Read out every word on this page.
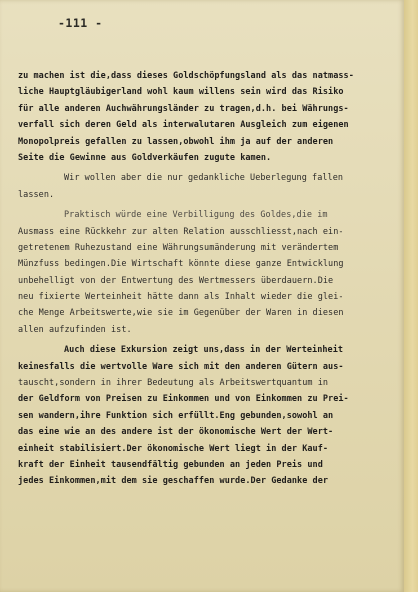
-111 -
zu machen ist die,dass dieses Goldschöpfungsland als das natmass-
liche Hauptgläubigerland wohl kaum willens sein wird das Risiko
für alle anderen Auchwährungsländer zu tragen,d.h. bei Währungs-
verfall sich deren Geld als interwalutaren Ausgleich zum eigenen
Monopolpreis gefallen zu lassen,obwohl ihm ja auf der anderen
Seite die Gewinne aus Goldverkäufen zugute kamen.
Wir wollen aber die nur gedankliche Ueberlegung fallen
lassen.
Praktisch würde eine Verbilligung des Goldes,die im
Ausmass eine Rückkehr zur alten Relation ausschliesst,nach ein-
getretenem Ruhezustand eine Währungsumänderung mit verändertem
Münzfuss bedingen.Die Wirtschaft könnte diese ganze Entwicklung
unbehelligt von der Entwertung des Wertmessers überdauern.Die
neu fixierte Werteinheit hätte dann als Inhalt wieder die glei-
che Menge Arbeitswerte,wie sie im Gegenüber der Waren in diesen
allen aufzufinden ist.
Auch diese Exkursion zeigt uns,dass in der Werteinheit
keinesfalls die wertvolle Ware sich mit den anderen Gütern aus-
tauscht,sondern in ihrer Bedeutung als Arbeitswertquantum in
der Geldform von Preisen zu Einkommen und von Einkommen zu Prei-
sen wandern,ihre Funktion sich erfüllt.Eng gebunden,sowohl an
das eine wie an des andere ist der ökonomische Wert der Wert-
einheit stabilisiert.Der ökonomische Wert liegt in der Kauf-
kraft der Einheit tausendfältig gebunden an jeden Preis und
jedes Einkommen,mit dem sie geschaffen wurde.Der Gedanke der
